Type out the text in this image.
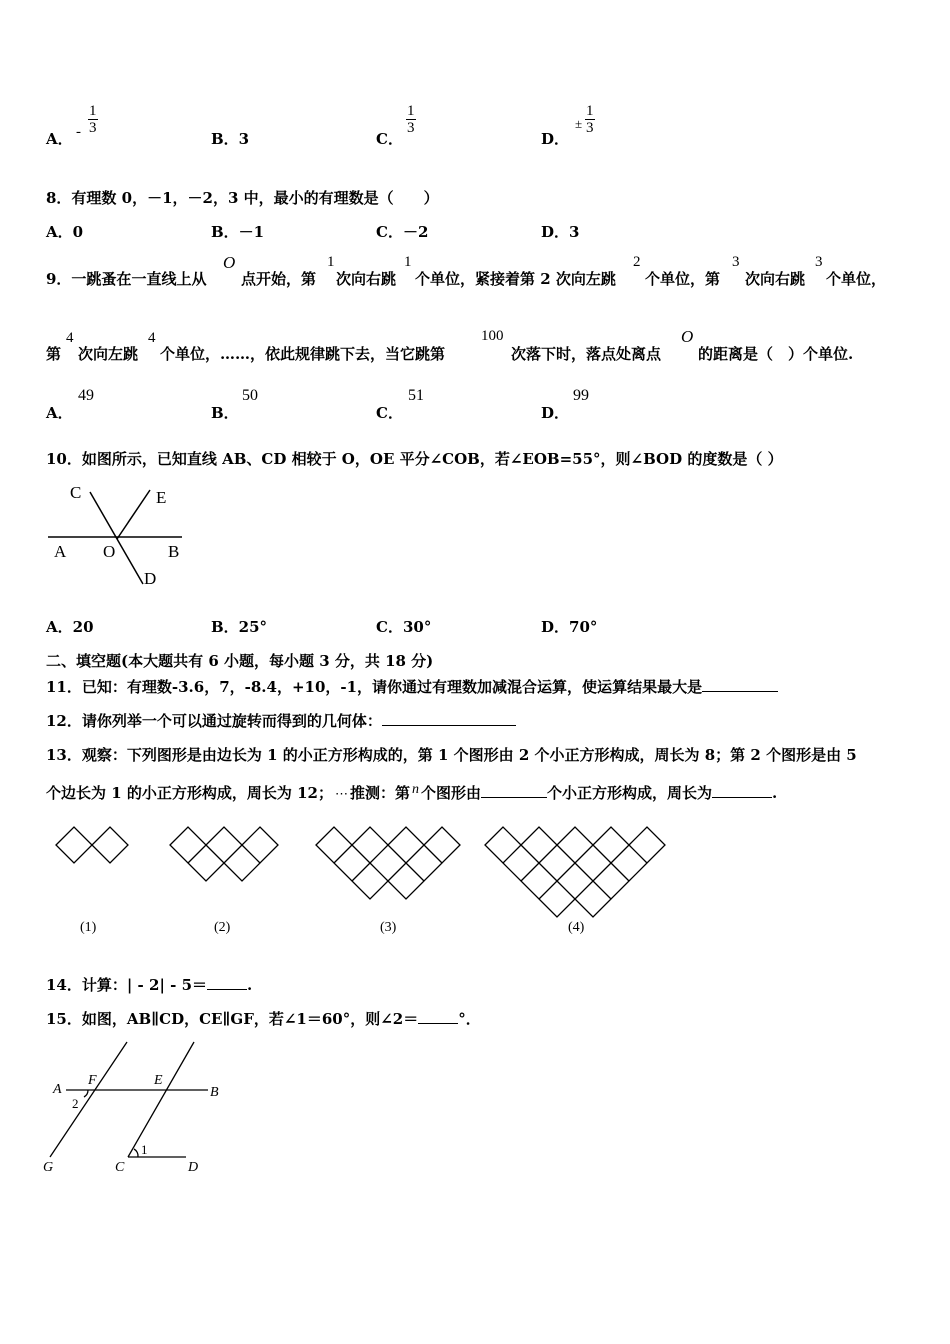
A． - $\frac{1}{3}$
B．3	C．
$\frac{1}{3}$
D．
± $\frac{1}{3}$
8．有理数 0，－1，－2，3 中，最小的有理数是（　　）
A．0	B．－1	C．－2	D．3
9．一跳蚤在一直线上从
O
点开始，第
1
次向右跳
1
个单位，紧接着第 2 次向左跳
2
个单位，第
3
次向右跳
3
个单位，
第
4
次向左跳
4
个单位，……，依此规律跳下去，当它跳第
100
次落下时，落点处离点
O
的距离是（　）个单位.
A．
49
B．
50
C．
51
D．
99
10．如图所示，已知直线 AB、CD 相较于 O，OE 平分∠COB，若∠EOB=55°，则∠BOD 的度数是（ ）
C	E
A O	B
D
A．20	B．25°	C．30°	D．70°
二、填空题(本大题共有 6 小题，每小题 3 分，共 18 分)
11．已知：有理数-3.6，7，-8.4，+10，-1，请你通过有理数加减混合运算，使运算结果最大是
12．请你列举一个可以通过旋转而得到的几何体：
13．观察：下列图形是由边长为 1 的小正方形构成的，第 1 个图形由 2 个小正方形构成，周长为 8；第 2 个图形是由 5
个边长为 1 的小正方形构成，周长为 12； ⋯ 推测：第 n 个图形由	个小正方形构成，周长为	.
(1)	(2)	(3)	(4)
14．计算：| - 2| - 5＝	.
15．如图，AB∥CD，CE∥GF，若∠1＝60°，则∠2＝	°．
A
F	E
B
G	C	D
2
1
